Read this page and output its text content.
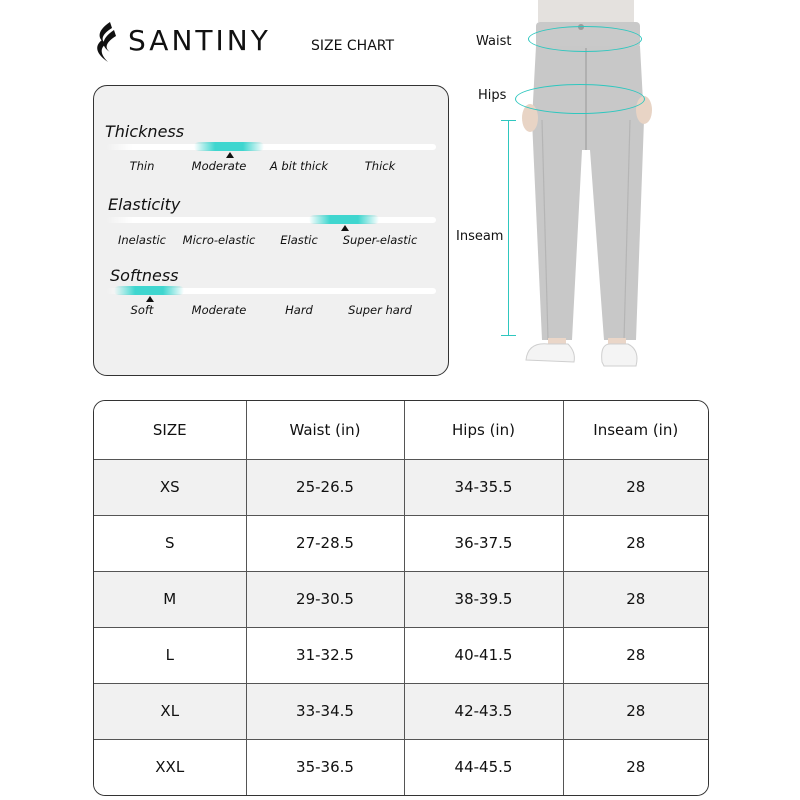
SANTINY	SIZE CHART
Thickness
Thin	Moderate A bit thick	Thick
Elasticity
Inelastic Micro-elastic Elastic Super-elastic
Softness
Soft	Moderate	Hard	Super hard
Waist
Hips
Inseam
SIZE	Waist (in)	Hips (in)	Inseam (in)
XS	25-26.5	34-35.5	28
S	27-28.5	36-37.5	28
M	29-30.5	38-39.5	28
L	31-32.5	40-41.5	28
XL	33-34.5	42-43.5	28
XXL	35-36.5	44-45.5	28
